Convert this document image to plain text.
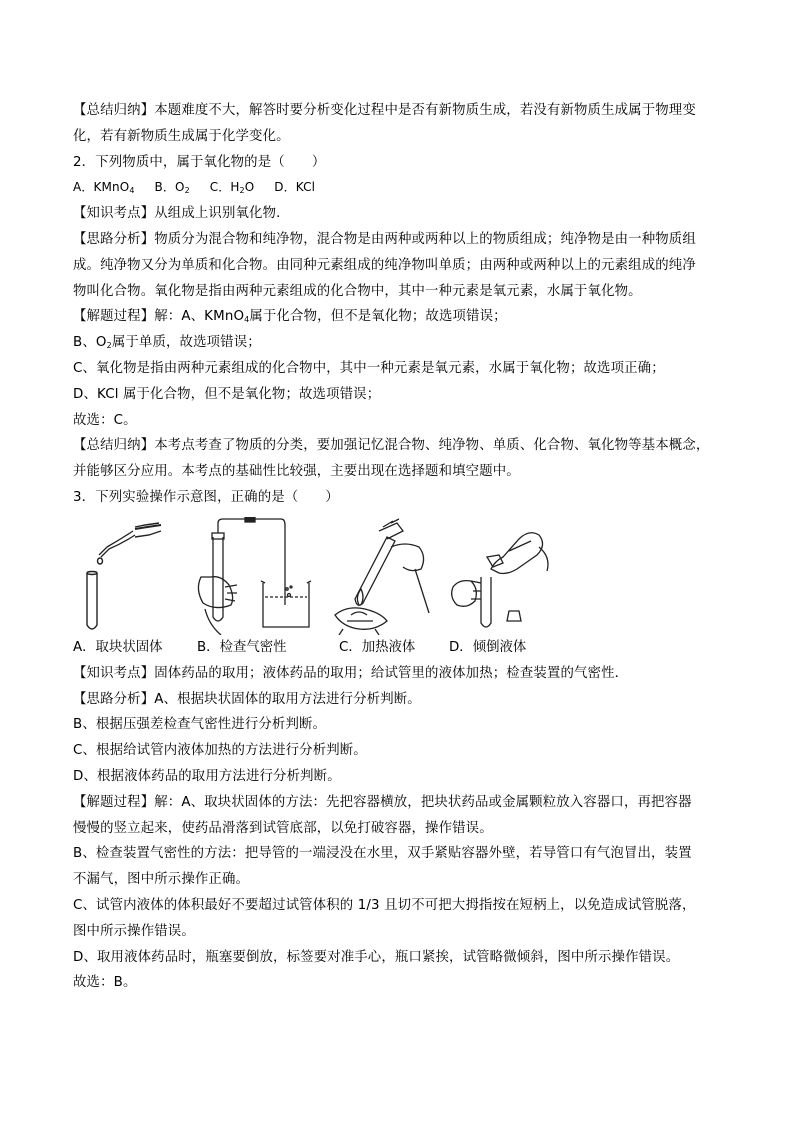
【总结归纳】本题难度不大，解答时要分析变化过程中是否有新物质生成，若没有新物质生成属于物理变
化，若有新物质生成属于化学变化。
2．下列物质中，属于氧化物的是（　　）
A．KMnO$_4$ B．$O_2$ C．$H_2O$ D．KCl
【知识考点】从组成上识别氧化物．
【思路分析】物质分为混合物和纯净物，混合物是由两种或两种以上的物质组成；纯净物是由一种物质组
成。纯净物又分为单质和化合物。由同种元素组成的纯净物叫单质；由两种或两种以上的元素组成的纯净
物叫化合物。氧化物是指由两种元素组成的化合物中，其中一种元素是氧元素，水属于氧化物。
【解题过程】解：A、KMnO$_4$属于化合物，但不是氧化物；故选项错误；
B、$O_2$属于单质，故选项错误；
C、氧化物是指由两种元素组成的化合物中，其中一种元素是氧元素，水属于氧化物；故选项正确；
D、KCl 属于化合物，但不是氧化物；故选项错误；
故选：C。
【总结归纳】本考点考查了物质的分类，要加强记忆混合物、纯净物、单质、化合物、氧化物等基本概念，
并能够区分应用。本考点的基础性比较强，主要出现在选择题和填空题中。
3．下列实验操作示意图，正确的是（　　）
A．取块状固体	B．检查气密性	C．加热液体	D．倾倒液体
【知识考点】固体药品的取用；液体药品的取用；给试管里的液体加热；检查装置的气密性．
【思路分析】A、根据块状固体的取用方法进行分析判断。
B、根据压强差检查气密性进行分析判断。
C、根据给试管内液体加热的方法进行分析判断。
D、根据液体药品的取用方法进行分析判断。
【解题过程】解：A、取块状固体的方法：先把容器横放，把块状药品或金属颗粒放入容器口，再把容器
慢慢的竖立起来，使药品滑落到试管底部，以免打破容器，操作错误。
B、检查装置气密性的方法：把导管的一端浸没在水里，双手紧贴容器外壁，若导管口有气泡冒出，装置
不漏气，图中所示操作正确。
C、试管内液体的体积最好不要超过试管体积的 1/3 且切不可把大拇指按在短柄上，以免造成试管脱落，
图中所示操作错误。
D、取用液体药品时，瓶塞要倒放，标签要对准手心，瓶口紧挨，试管略微倾斜，图中所示操作错误。
故选：B。
